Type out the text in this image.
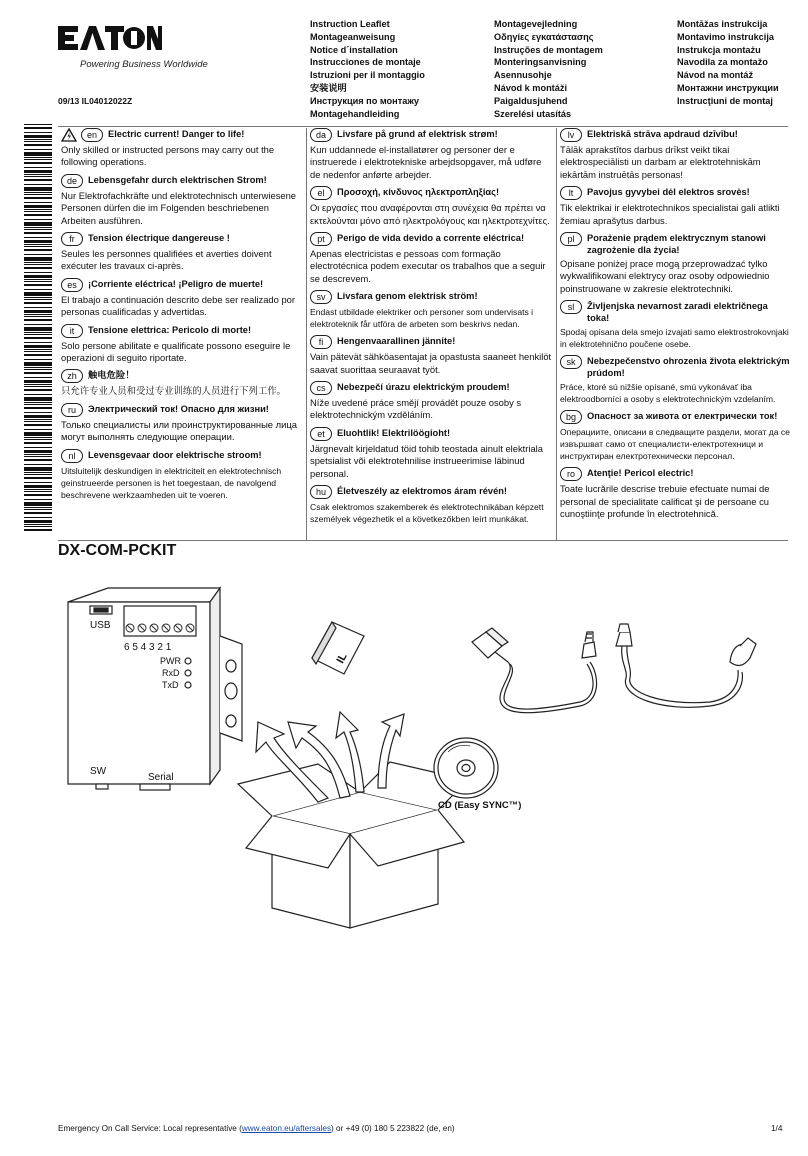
Powering Business Worldwide
09/13 IL04012022Z
Instruction Leaflet
Montageanweisung
Notice d´installation
Instrucciones de montaje
Istruzioni per il montaggio
安装说明
Инструкция по монтажу
Montagehandleiding
Montagevejledning
Οδηγίες εγκατάστασης
Instruções de montagem
Monteringsanvisning
Asennusohje
Návod k montáži
Paigaldusjuhend
Szerelési utasítás
Montāžas instrukcija
Montavimo instrukcija
Instrukcja montażu
Navodila za montažo
Návod na montáž
Монтажни инструкции
Instrucţiuni de montaj
en	Electric current! Danger to life!
Only skilled or instructed persons may carry out the following operations.
de	Lebensgefahr durch elektrischen Strom!
Nur Elektrofachkräfte und elektrotechnisch unterwiesene Personen dürfen die im Folgenden beschriebenen Arbeiten ausführen.
fr	Tension électrique dangereuse !
Seules les personnes qualifiées et averties doivent exécuter les travaux ci-après.
es	¡Corriente eléctrica! ¡Peligro de muerte!
El trabajo a continuación descrito debe ser realizado por personas cualificadas y advertidas.
it	Tensione elettrica: Pericolo di morte!
Solo persone abilitate e qualificate possono eseguire le operazioni di seguito riportate.
zh	触电危险！
只允许专业人员和受过专业训练的人员进行下列工作。
ru	Электрический ток! Опасно для жизни!
Только специалисты или проинструктированные лица могут выполнять следующие операции.
nl	Levensgevaar door elektrische stroom!
Uitsluitelijk deskundigen in elektriciteit en elektrotechnisch geinstrueerde personen is het toegestaan, de navolgend beschrevene werkzaamheden uit te voeren.
da	Livsfare på grund af elektrisk strøm!
Kun uddannede el-installatører og personer der e instruerede i elektrotekniske arbejdsopgaver, må udføre de nedenfor anførte arbejder.
el	Προσοχή, κίνδυνος ηλεκτροπληξίας!
Οι εργασίες που αναφέρονται στη συνέχεια θα πρέπει να εκτελούνται μόνο από ηλεκτρολόγους και ηλεκτροτεχνίτες.
pt	Perigo de vida devido a corrente eléctrica!
Apenas electricistas e pessoas com formação electrotécnica podem executar os trabalhos que a seguir se descrevem.
sv	Livsfara genom elektrisk ström!
Endast utbildade elektriker och personer som undervisats i elektroteknik får utföra de arbeten som beskrivs nedan.
fi	Hengenvaarallinen jännite!
Vain pätevät sähköasentajat ja opastusta saaneet henkilöt saavat suorittaa seuraavat työt.
cs	Nebezpečí úrazu elektrickým proudem!
Níže uvedené práce smějí provádět pouze osoby s elektrotechnickým vzděláním.
et	Eluohtlik! Elektrilöögioht!
Järgnevalt kirjeldatud töid tohib teostada ainult elektriala spetsialist või elektrotehnilise instrueerimise läbinud personal.
hu	Életveszély az elektromos áram révén!
Csak elektromos szakemberek és elektrotechnikában képzett személyek végezhetik el a következőkben leírt munkákat.
lv	Elektriskā strāva apdraud dzīvību!
Tālāk aprakstītos darbus drīkst veikt tikai elektrospeciālisti un darbam ar elektrotehniskām iekārtām instruētās personas!
lt	Pavojus gyvybei dėl elektros srovės!
Tik elektrikai ir elektrotechnikos specialistai gali atlikti žemiau aprašytus darbus.
pl	Porażenie prądem elektrycznym stanowi zagrożenie dla życia!
Opisane poniżej prace mogą przeprowadzać tylko wykwalifikowani elektrycy oraz osoby odpowiednio poinstruowane w zakresie elektrotechniki.
sl	Življenjska nevarnost zaradi električnega toka!
Spodaj opisana dela smejo izvajati samo elektrostrokovnjaki in elektrotehnično poučene osebe.
sk	Nebezpečenstvo ohrozenia života elektrickým prúdom!
Práce, ktoré sú nižšie opísané, smú vykonávať iba elektroodborníci a osoby s elektrotechnickým vzdelaním.
bg	Опасност за живота от електрически ток!
Операциите, описани в следващите раздели, могат да се извършват само от специалисти-електротехници и инструктиран електротехнически персонал.
ro	Atenţie! Pericol electric!
Toate lucrările descrise trebuie efectuate numai de personal de specialitate calificat şi de persoane cu cunoştiinţe profunde în electrotehnică.
DX-COM-PCKIT
USB
6 5 4 3 2 1
PWR
RxD
TxD
SW
Serial
IL
CD (Easy SYNC™)
Emergency On Call Service: Local representative (www.eaton.eu/aftersales) or +49 (0) 180 5 223822 (de, en)	1/4
